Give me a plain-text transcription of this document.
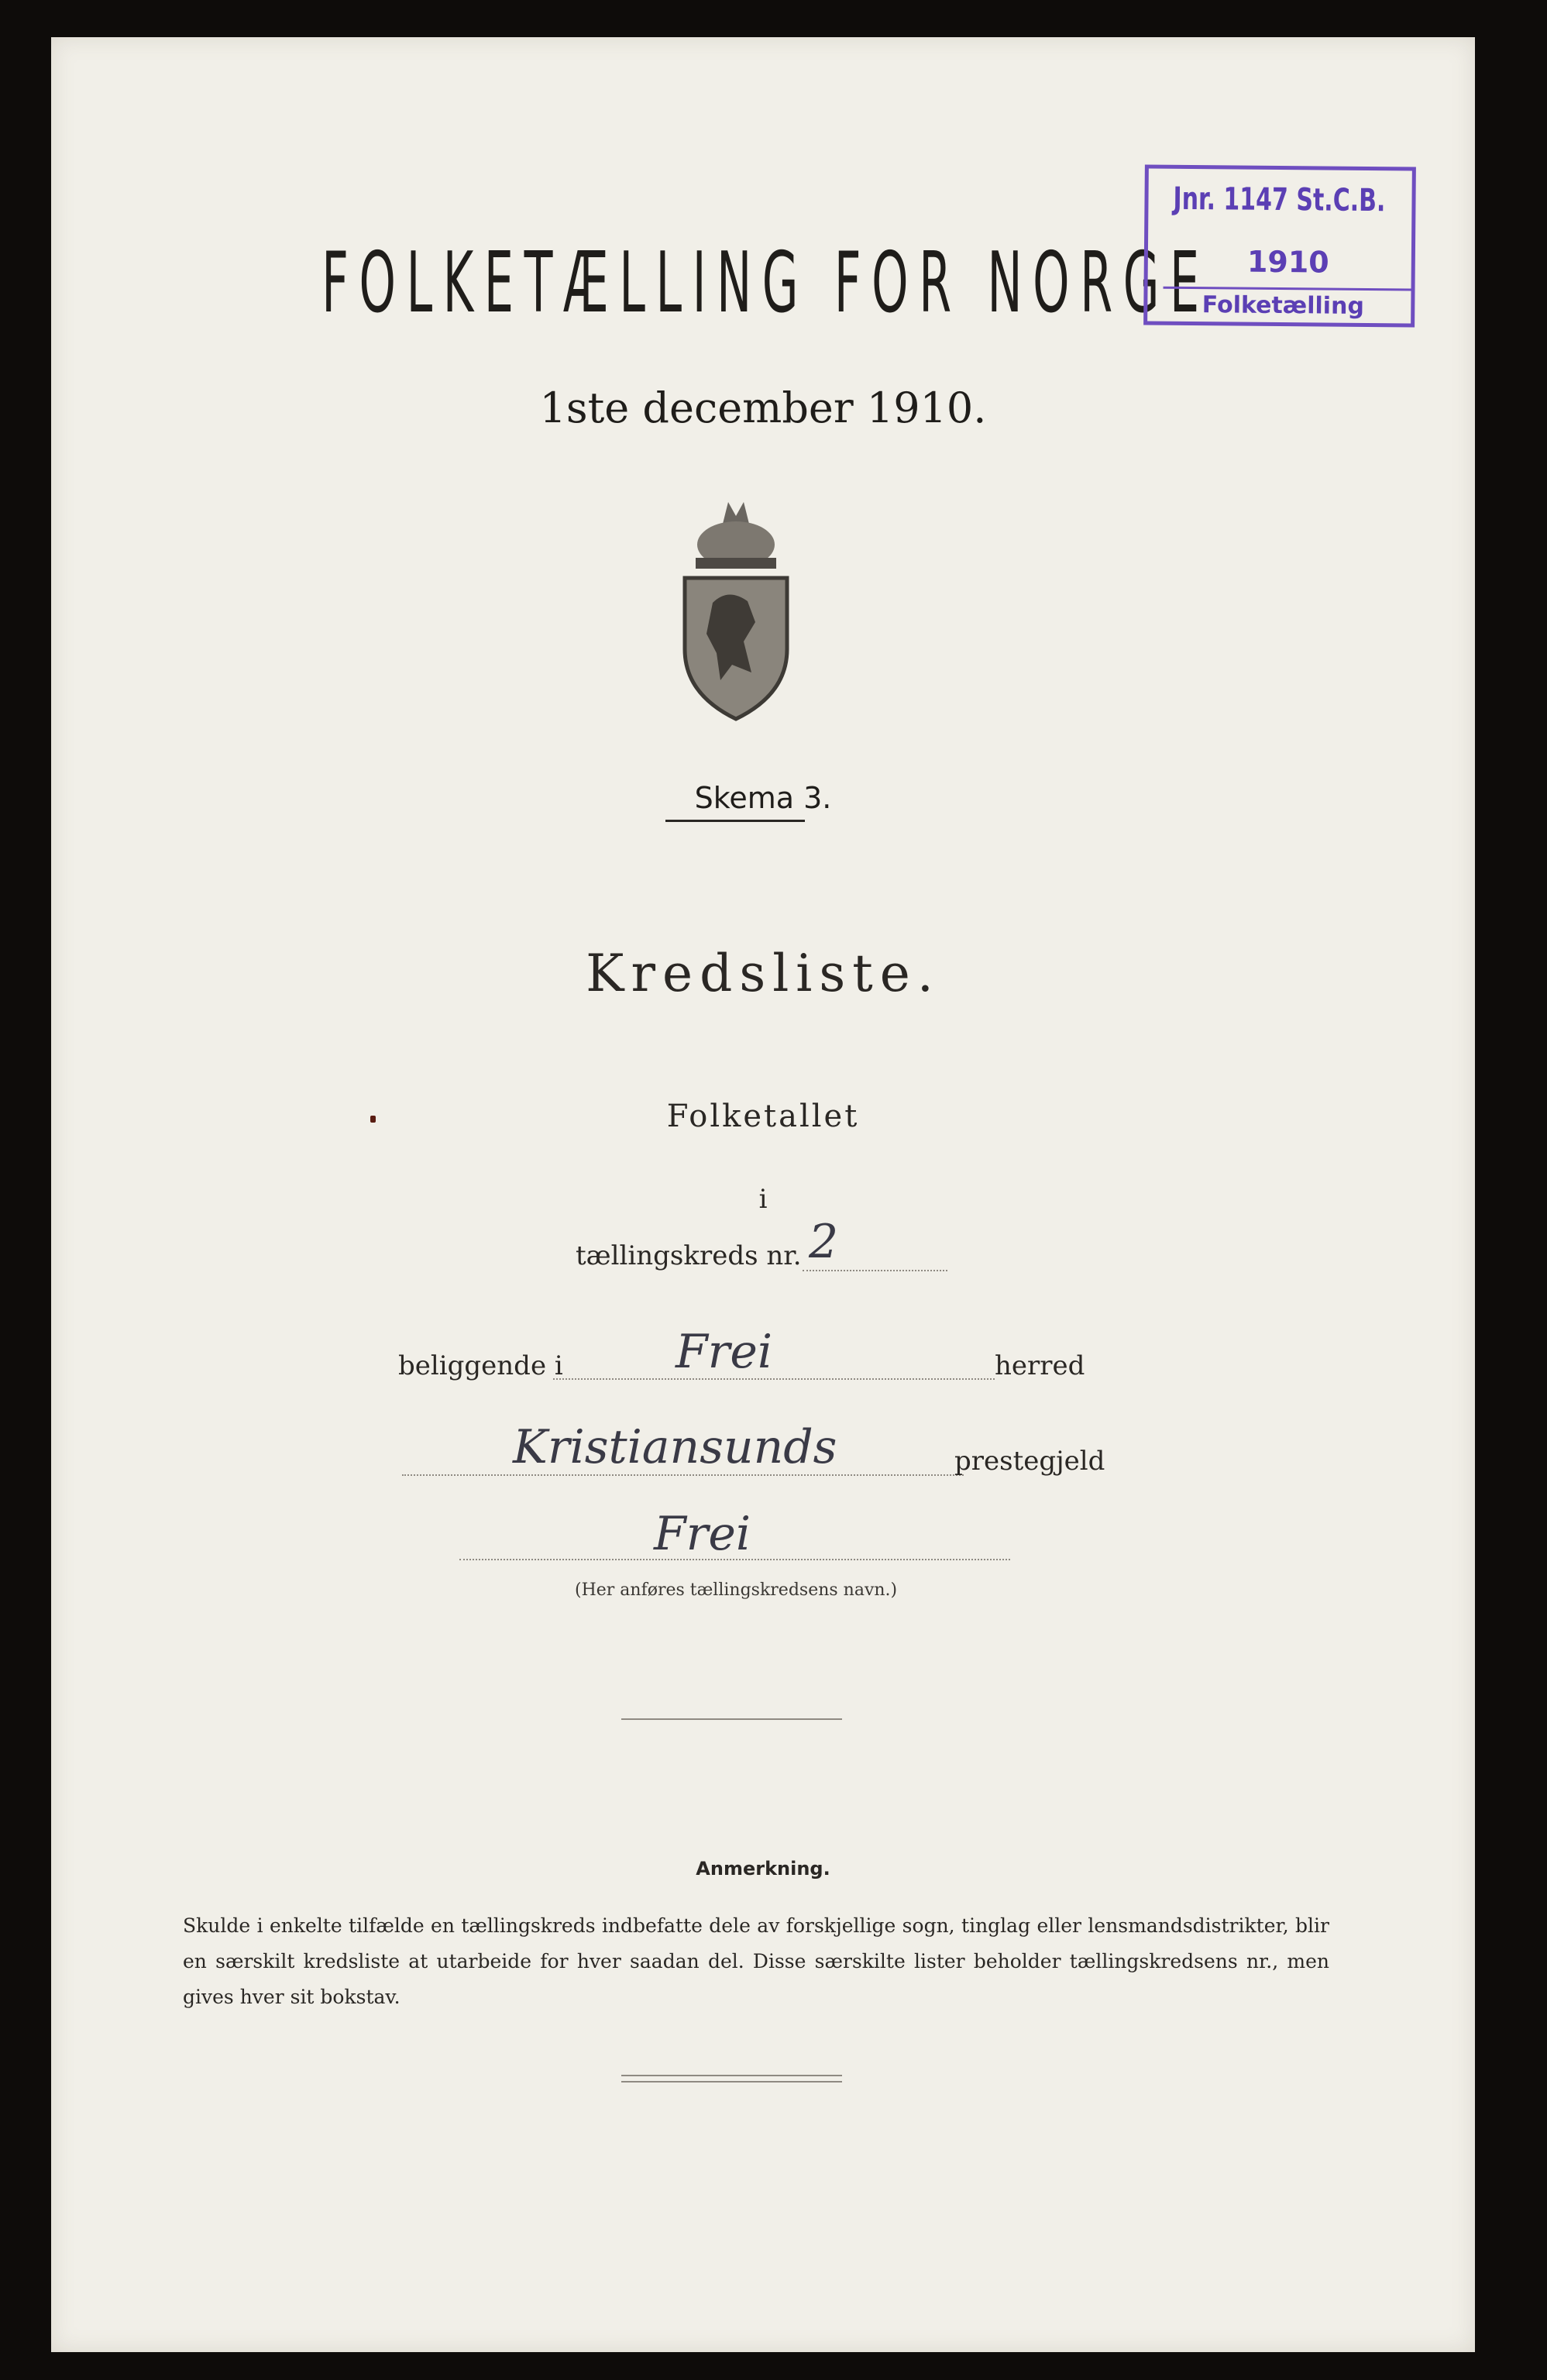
FOLKETÆLLING FOR NORGE
1ste december 1910.
Skema 3.
Kredsliste.
Folketallet
i
tællingskreds nr. 2
beliggende i Frei	herred
Kristiansunds	prestegjeld
Frei
(Her anføres tællingskredsens navn.)
Anmerkning.
Skulde i enkelte tilfælde en tællingskreds indbefatte dele av forskjellige sogn, tinglag eller lensmandsdistrikter, blir en særskilt kredsliste at utarbeide for hver saadan del. Disse særskilte lister beholder tællingskredsens nr., men gives hver sit bokstav.
Jnr. 1147 St.C.B.
1910
Folketælling
